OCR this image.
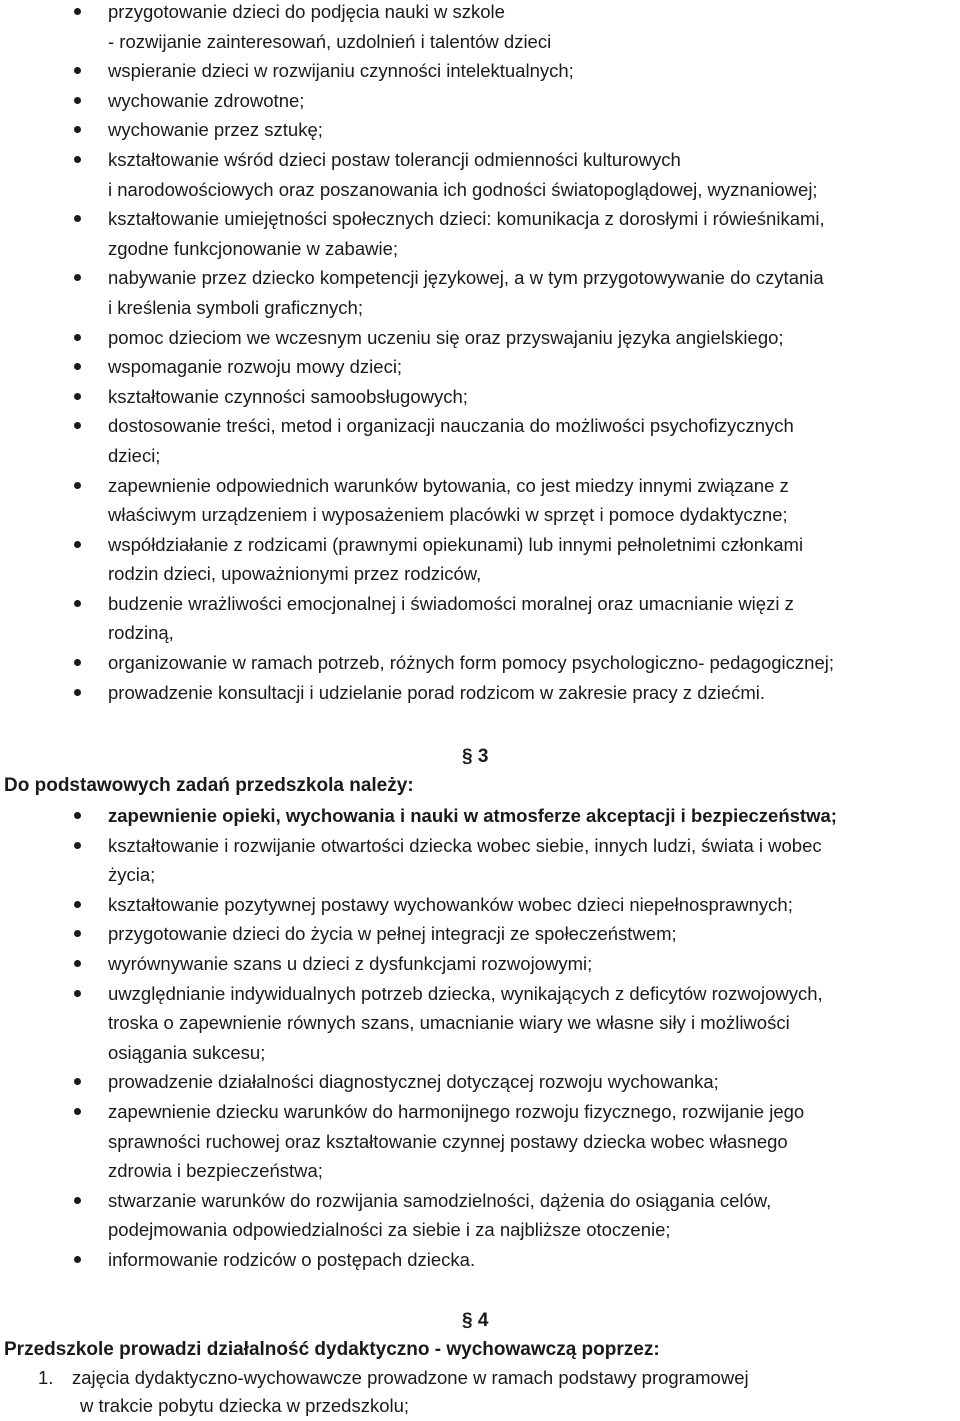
przygotowanie dzieci do podjęcia nauki w szkole
- rozwijanie zainteresowań, uzdolnień i talentów dzieci
wspieranie dzieci w rozwijaniu czynności intelektualnych;
wychowanie zdrowotne;
wychowanie przez sztukę;
kształtowanie wśród dzieci postaw tolerancji odmienności kulturowych
i narodowościowych oraz poszanowania ich godności światopoglądowej, wyznaniowej;
kształtowanie umiejętności społecznych dzieci: komunikacja z dorosłymi i rówieśnikami,
zgodne funkcjonowanie w zabawie;
nabywanie przez dziecko kompetencji językowej, a w tym przygotowywanie do czytania
i kreślenia symboli graficznych;
pomoc dzieciom we wczesnym uczeniu się oraz przyswajaniu języka angielskiego;
wspomaganie rozwoju mowy dzieci;
kształtowanie czynności samoobsługowych;
dostosowanie treści, metod i organizacji nauczania do możliwości psychofizycznych
dzieci;
zapewnienie odpowiednich warunków bytowania, co jest miedzy innymi związane z
właściwym urządzeniem i wyposażeniem placówki w sprzęt i pomoce dydaktyczne;
współdziałanie z rodzicami (prawnymi opiekunami) lub innymi pełnoletnimi członkami
rodzin dzieci, upoważnionymi przez rodziców,
budzenie wrażliwości emocjonalnej i świadomości moralnej oraz umacnianie więzi z
rodziną,
organizowanie w ramach potrzeb, różnych form pomocy psychologiczno- pedagogicznej;
prowadzenie konsultacji i udzielanie porad rodzicom w zakresie pracy z dziećmi.
§ 3
Do podstawowych zadań przedszkola należy:
zapewnienie opieki, wychowania i nauki w atmosferze akceptacji i bezpieczeństwa;
kształtowanie i rozwijanie otwartości dziecka wobec siebie, innych ludzi, świata i wobec
życia;
kształtowanie pozytywnej postawy wychowanków wobec dzieci niepełnosprawnych;
przygotowanie dzieci do życia w pełnej integracji ze społeczeństwem;
wyrównywanie szans u dzieci z dysfunkcjami rozwojowymi;
uwzględnianie indywidualnych potrzeb dziecka, wynikających z deficytów rozwojowych,
troska o zapewnienie równych szans, umacnianie wiary we własne siły i możliwości
osiągania sukcesu;
prowadzenie działalności diagnostycznej dotyczącej rozwoju wychowanka;
zapewnienie dziecku warunków do harmonijnego rozwoju fizycznego, rozwijanie jego
sprawności ruchowej oraz kształtowanie czynnej postawy dziecka wobec własnego
zdrowia i bezpieczeństwa;
stwarzanie warunków do rozwijania samodzielności, dążenia do osiągania celów,
podejmowania odpowiedzialności za siebie i za najbliższe otoczenie;
informowanie rodziców o postępach dziecka.
§ 4
Przedszkole prowadzi działalność dydaktyczno - wychowawczą poprzez:
1. zajęcia dydaktyczno-wychowawcze prowadzone w ramach podstawy programowej
w trakcie pobytu dziecka w przedszkolu;
